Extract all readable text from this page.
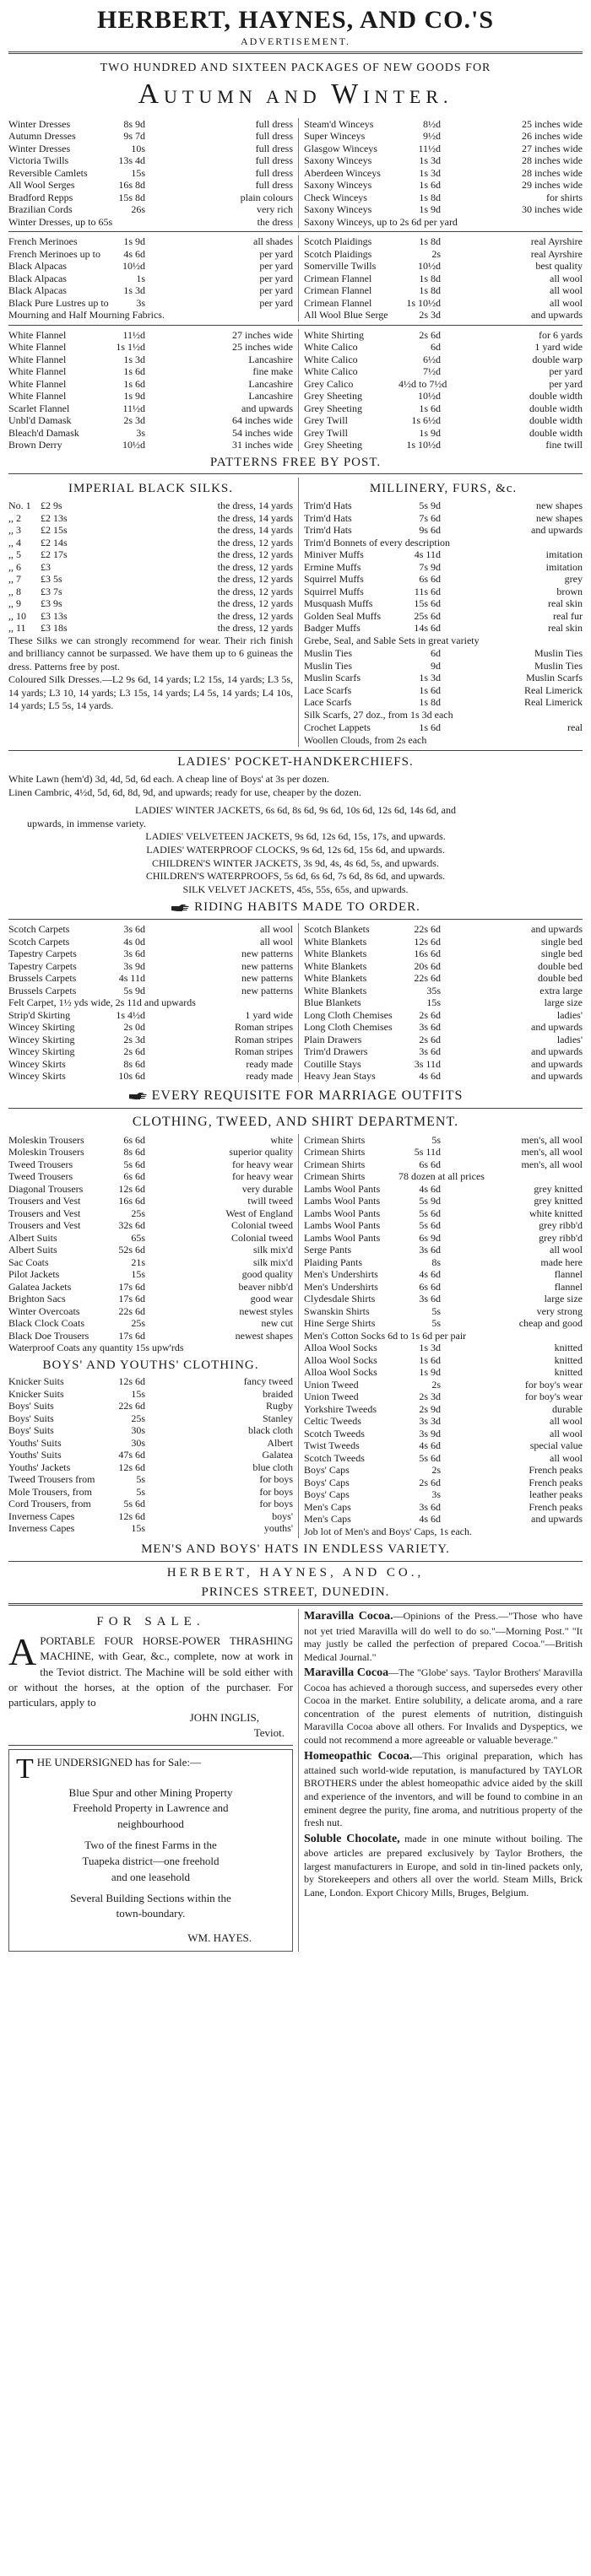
HERBERT, HAYNES, AND CO.'S
ADVERTISEMENT.
TWO HUNDRED AND SIXTEEN PACKAGES OF NEW GOODS FOR
AUTUMN AND WINTER.
Winter Dresses	8s 9d	full dress
Autumn Dresses	9s 7d	full dress
Winter Dresses	10s	full dress
Victoria Twills	13s 4d	full dress
Reversible Camlets	15s	full dress
All Wool Serges	16s 8d	full dress
Bradford Repps	15s 8d	plain colours
Brazilian Cords	26s	very rich
Winter Dresses, up to 65s	the dress
Steam'd Winceys	8½d	25 inches wide
Super Winceys	9½d	26 inches wide
Glasgow Winceys	11½d	27 inches wide
Saxony Winceys	1s 3d	28 inches wide
Aberdeen Winceys	1s 3d	28 inches wide
Saxony Winceys	1s 6d	29 inches wide
Check Winceys	1s 8d	for shirts
Saxony Winceys	1s 9d	30 inches wide
Saxony Winceys, up to 2s 6d per yard
French Merinoes	1s 9d	all shades
French Merinoes up to	4s 6d	per yard
Black Alpacas	10½d	per yard
Black Alpacas	1s	per yard
Black Alpacas	1s 3d	per yard
Black Pure Lustres up to	3s	per yard
Mourning and Half Mourning Fabrics.
Scotch Plaidings	1s 8d	real Ayrshire
Scotch Plaidings	2s	real Ayrshire
Somerville Twills	10½d	best quality
Crimean Flannel	1s 8d	all wool
Crimean Flannel	1s 8d	all wool
Crimean Flannel	1s 10½d	all wool
All Wool Blue Serge	2s 3d	and upwards
White Flannel	11½d	27 inches wide
White Flannel	1s 1½d	25 inches wide
White Flannel	1s 3d	Lancashire
White Flannel	1s 6d	fine make
White Flannel	1s 6d	Lancashire
White Flannel	1s 9d	Lancashire
Scarlet Flannel	11½d	and upwards
Unbl'd Damask	2s 3d	64 inches wide
Bleach'd Damask	3s	54 inches wide
Brown Derry	10½d	31 inches wide
White Shirting	2s 6d	for 6 yards
White Calico	6d	1 yard wide
White Calico	6½d	double warp
White Calico	7½d	per yard
Grey Calico	4½d to 7½d	per yard
Grey Sheeting	10½d	double width
Grey Sheeting	1s 6d	double width
Grey Twill	1s 6½d	double width
Grey Twill	1s 9d	double width
Grey Sheeting	1s 10½d	fine twill
PATTERNS FREE BY POST.
IMPERIAL BLACK SILKS.
No. 1 £2 9s	the dress, 14 yards
,, 2	£2 13s	the dress, 14 yards
,, 3	£2 15s	the dress, 14 yards
,, 4	£2 14s	the dress, 12 yards
,, 5	£2 17s	the dress, 12 yards
,, 6	£3	the dress, 12 yards
,, 7	£3 5s	the dress, 12 yards
,, 8	£3 7s	the dress, 12 yards
,, 9	£3 9s	the dress, 12 yards
,, 10	£3 13s	the dress, 12 yards
,, 11	£3 18s	the dress, 12 yards
These Silks we can strongly recommend for wear. Their rich finish and brilliancy cannot be surpassed. We have them up to 6 guineas the dress. Patterns free by post.
Coloured Silk Dresses.—L2 9s 6d, 14 yards; L2 15s, 14 yards; L3 5s, 14 yards; L3 10, 14 yards; L3 15s, 14 yards; L4 5s, 14 yards; L4 10s, 14 yards; L5 5s, 14 yards.
MILLINERY, FURS, &c.
Trim'd Hats	5s 9d	new shapes
Trim'd Hats	7s 6d	new shapes
Trim'd Hats	9s 6d	and upwards
Trim'd Bonnets of every description
Miniver Muffs	4s 11d	imitation
Ermine Muffs	7s 9d	imitation
Squirrel Muffs	6s 6d	grey
Squirrel Muffs	11s 6d	brown
Musquash Muffs	15s 6d	real skin
Golden Seal Muffs	25s 6d	real fur
Badger Muffs	14s 6d	real skin
Grebe, Seal, and Sable Sets in great variety
Muslin Ties	6d	Muslin Ties
Muslin Ties	9d	Muslin Ties
Muslin Scarfs	1s 3d	Muslin Scarfs
Lace Scarfs	1s 6d	Real Limerick
Lace Scarfs	1s 8d	Real Limerick
Silk Scarfs, 27 doz., from 1s 3d each
Crochet Lappets	1s 6d	real
Woollen Clouds, from 2s each
LADIES' POCKET-HANDKERCHIEFS.
White Lawn (hem'd) 3d, 4d, 5d, 6d each. A cheap line of Boys' at 3s per dozen.
Linen Cambric, 4½d, 5d, 6d, 8d, 9d, and upwards; ready for use, cheaper by the dozen.
LADIES' WINTER JACKETS, 6s 6d, 8s 6d, 9s 6d, 10s 6d, 12s 6d, 14s 6d, and
upwards, in immense variety.
LADIES' VELVETEEN JACKETS, 9s 6d, 12s 6d, 15s, 17s, and upwards.
LADIES' WATERPROOF CLOCKS, 9s 6d, 12s 6d, 15s 6d, and upwards.
CHILDREN'S WINTER JACKETS, 3s 9d, 4s, 4s 6d, 5s, and upwards.
CHILDREN'S WATERPROOFS, 5s 6d, 6s 6d, 7s 6d, 8s 6d, and upwards.
SILK VELVET JACKETS, 45s, 55s, 65s, and upwards.
RIDING HABITS MADE TO ORDER.
Scotch Carpets	3s 6d	all wool
Scotch Carpets	4s 0d	all wool
Tapestry Carpets	3s 6d	new patterns
Tapestry Carpets	3s 9d	new patterns
Brussels Carpets	4s 11d	new patterns
Brussels Carpets	5s 9d	new patterns
Felt Carpet, 1½ yds wide, 2s 11d and upwards
Strip'd Skirting	1s 4½d	1 yard wide
Wincey Skirting	2s 0d	Roman stripes
Wincey Skirting	2s 3d	Roman stripes
Wincey Skirting	2s 6d	Roman stripes
Wincey Skirts	8s 6d	ready made
Wincey Skirts	10s 6d	ready made
Scotch Blankets	22s 6d	and upwards
White Blankets	12s 6d	single bed
White Blankets	16s 6d	single bed
White Blankets	20s 6d	double bed
White Blankets	22s 6d	double bed
White Blankets	35s	extra large
Blue Blankets	15s	large size
Long Cloth Chemises	2s 6d	ladies'
Long Cloth Chemises	3s 6d	and upwards
Plain Drawers	2s 6d	ladies'
Trim'd Drawers	3s 6d	and upwards
Coutille Stays	3s 11d	and upwards
Heavy Jean Stays	4s 6d	and upwards
EVERY REQUISITE FOR MARRIAGE OUTFITS
CLOTHING, TWEED, AND SHIRT DEPARTMENT.
Moleskin Trousers	6s 6d	white
Moleskin Trousers	8s 6d	superior quality
Tweed Trousers	5s 6d	for heavy wear
Tweed Trousers	6s 6d	for heavy wear
Diagonal Trousers	12s 6d	very durable
Trousers and Vest	16s 6d	twill tweed
Trousers and Vest	25s	West of England
Trousers and Vest	32s 6d	Colonial tweed
Albert Suits	65s	Colonial tweed
Albert Suits	52s 6d	silk mix'd
Sac Coats	21s	silk mix'd
Pilot Jackets	15s	good quality
Galatea Jackets	17s 6d	beaver nibb'd
Brighton Sacs	17s 6d	good wear
Winter Overcoats	22s 6d	newest styles
Black Clock Coats	25s	new cut
Black Doe Trousers	17s 6d	newest shapes
Waterproof Coats any quantity 15s upw'rds
Crimean Shirts	5s	men's, all wool
Crimean Shirts	5s 11d	men's, all wool
Crimean Shirts	6s 6d	men's, all wool
Crimean Shirts	78 dozen at all prices
Lambs Wool Pants	4s 6d	grey knitted
Lambs Wool Pants	5s 9d	grey knitted
Lambs Wool Pants	5s 6d	white knitted
Lambs Wool Pants	5s 6d	grey ribb'd
Lambs Wool Pants	6s 9d	grey ribb'd
Serge Pants	3s 6d	all wool
Plaiding Pants	8s	made here
Men's Undershirts	4s 6d	flannel
Men's Undershirts	6s 6d	flannel
Clydesdale Shirts	3s 6d	large size
Swanskin Shirts	5s	very strong
Hine Serge Shirts	5s	cheap and good
Men's Cotton Socks 6d to 1s 6d per pair
Alloa Wool Socks	1s 3d	knitted
BOYS' AND YOUTHS' CLOTHING.
Knicker Suits	12s 6d	fancy tweed
Knicker Suits	15s	braided
Boys' Suits	22s 6d	Rugby
Boys' Suits	25s	Stanley
Boys' Suits	30s	black cloth
Youths' Suits	30s	Albert
Youths' Suits	47s 6d	Galatea
Youths' Jackets	12s 6d	blue cloth
Tweed Trousers from	5s	for boys
Mole Trousers, from	5s	for boys
Cord Trousers, from	5s 6d	for boys
Inverness Capes	12s 6d	boys'
Inverness Capes	15s	youths'
Alloa Wool Socks	1s 6d	knitted
Alloa Wool Socks	1s 9d	knitted
Union Tweed	2s	for boy's wear
Union Tweed	2s 3d	for boy's wear
Yorkshire Tweeds	2s 9d	durable
Celtic Tweeds	3s 3d	all wool
Scotch Tweeds	3s 9d	all wool
Twist Tweeds	4s 6d	special value
Scotch Tweeds	5s 6d	all wool
Boys' Caps	2s	French peaks
Boys' Caps	2s 6d	French peaks
Boys' Caps	3s	leather peaks
Men's Caps	3s 6d	French peaks
Men's Caps	4s 6d	and upwards
Job lot of Men's and Boys' Caps, 1s each.
MEN'S AND BOYS' HATS IN ENDLESS VARIETY.
HERBERT, HAYNES, AND CO.,
PRINCES STREET, DUNEDIN.
FOR SALE.
APORTABLE FOUR HORSE-POWER THRASHING MACHINE, with Gear, &c., complete, now at work in the Teviot district. The Machine will be sold either with or without the horses, at the option of the purchaser. For particulars, apply to
JOHN INGLIS,
Teviot.
THE UNDERSIGNED has for Sale:—
Blue Spur and other Mining Property
Freehold Property in Lawrence and
neighbourhood
Two of the finest Farms in the
Tuapeka district—one freehold
and one leasehold
Several Building Sections within the
town-boundary.
WM. HAYES.

Maravilla Cocoa.—Opinions of the Press.—"Those who have not yet tried Maravilla will do well to do so."—Morning Post." "It may justly be called the perfection of prepared Cocoa."—British Medical Journal."

Maravilla Cocoa—The "Globe' says. 'Taylor Brothers' Maravilla Cocoa has achieved a thorough success, and supersedes every other Cocoa in the market. Entire solubility, a delicate aroma, and a rare concentration of the purest elements of nutrition, distinguish Maravilla Cocoa above all others. For Invalids and Dyspeptics, we could not recommend a more agreeable or valuable beverage."

Homeopathic Cocoa.—This original preparation, which has attained such world-wide reputation, is manufactured by TAYLOR BROTHERS under the ablest homeopathic advice aided by the skill and experience of the inventors, and will be found to combine in an eminent degree the purity, fine aroma, and nutritious property of the fresh nut.

Soluble Chocolate, made in one minute without boiling. The above articles are prepared exclusively by Taylor Brothers, the largest manufacturers in Europe, and sold in tin-lined packets only, by Storekeepers and others all over the world. Steam Mills, Brick Lane, London. Export Chicory Mills, Bruges, Belgium.
